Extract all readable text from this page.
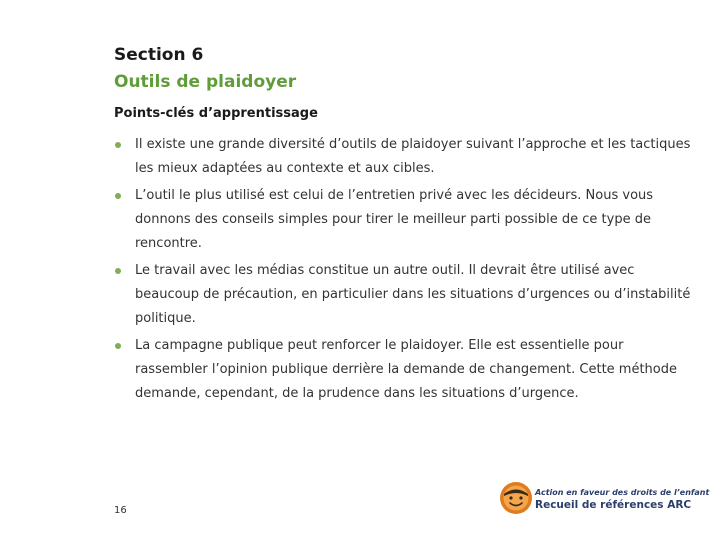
Section 6
Outils de plaidoyer
Points-clés d’apprentissage
Il existe une grande diversité d’outils de plaidoyer suivant l’approche et les tactiques les mieux adaptées au contexte et aux cibles.
L’outil le plus utilisé est celui de l’entretien privé avec les décideurs. Nous vous donnons des conseils simples pour tirer le meilleur parti possible de ce type de rencontre.
Le travail avec les médias constitue un autre outil. Il devrait être utilisé avec beaucoup de précaution, en particulier dans les situations d’urgences ou d’instabilité politique.
La campagne publique peut renforcer le plaidoyer. Elle est essentielle pour rassembler l’opinion publique derrière la demande de changement. Cette méthode demande, cependant, de la prudence dans les situations d’urgence.
16
Action en faveur des droits de l’enfant
Recueil de références ARC
